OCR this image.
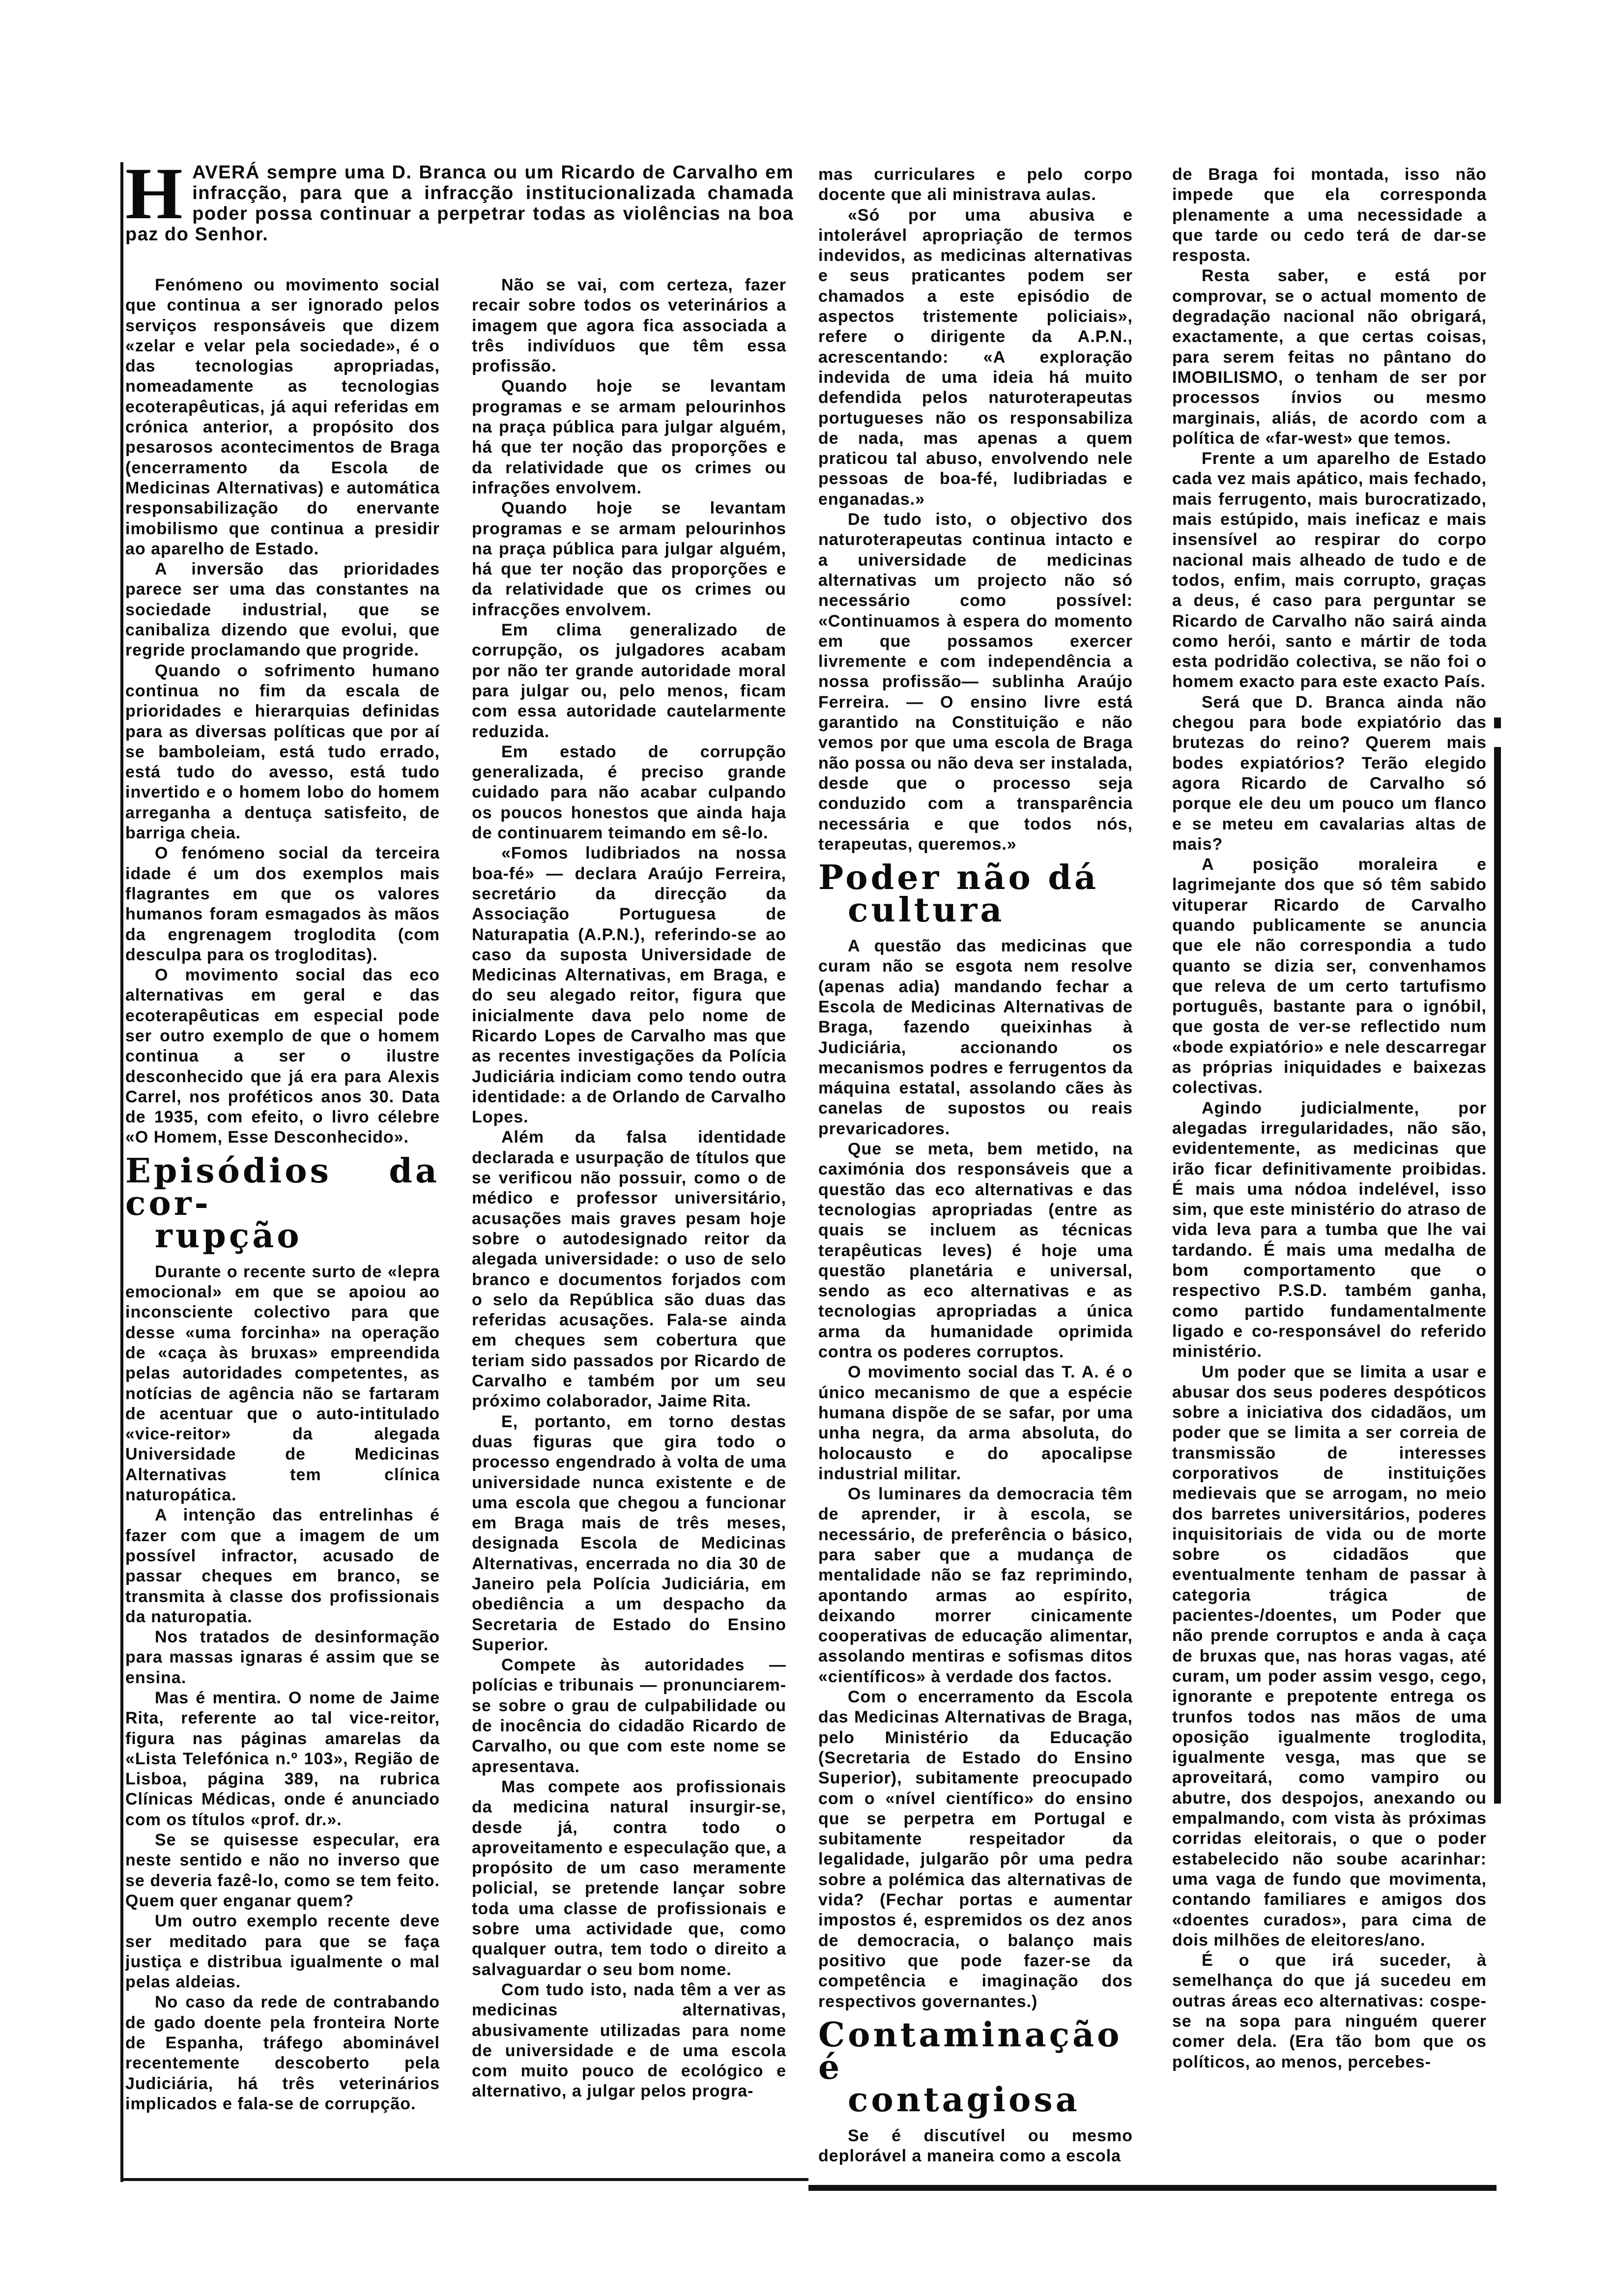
H AVERÁ sempre uma D. Branca ou um Ricardo de Carvalho em infracção, para que a infracção institucionalizada chamada poder possa continuar a perpetrar todas as violências na boa paz do Senhor.

Fenómeno ou movimento social que continua a ser ignorado pelos serviços responsáveis que dizem «zelar e velar pela sociedade», é o das tecnologias apropriadas, nomeadamente as tecnologias ecoterapêuticas, já aqui referidas em crónica anterior, a propósito dos pesarosos acontecimentos de Braga (encerramento da Escola de Medicinas Alternativas) e automática responsabilização do enervante imobilismo que continua a presidir ao aparelho de Estado.

A inversão das prioridades parece ser uma das constantes na sociedade industrial, que se canibaliza dizendo que evolui, que regride proclamando que progride.

Quando o sofrimento humano continua no fim da escala de prioridades e hierarquias definidas para as diversas políticas que por aí se bamboleiam, está tudo errado, está tudo do avesso, está tudo invertido e o homem lobo do homem arreganha a dentuça satisfeito, de barriga cheia.

O fenómeno social da terceira idade é um dos exemplos mais flagrantes em que os valores humanos foram esmagados às mãos da engrenagem troglodita (com desculpa para os trogloditas).

O movimento social das eco alternativas em geral e das ecoterapêuticas em especial pode ser outro exemplo de que o homem continua a ser o ilustre desconhecido que já era para Alexis Carrel, nos proféticos anos 30. Data de 1935, com efeito, o livro célebre «O Homem, Esse Desconhecido».

Episódios da cor-
rupção

Durante o recente surto de «lepra emocional» em que se apoiou ao inconsciente colectivo para que desse «uma forcinha» na operação de «caça às bruxas» empreendida pelas autoridades competentes, as notícias de agência não se fartaram de acentuar que o auto-intitulado «vice-reitor» da alegada Universidade de Medicinas Alternativas tem clínica naturopática.

A intenção das entrelinhas é fazer com que a imagem de um possível infractor, acusado de passar cheques em branco, se transmita à classe dos profissionais da naturopatia.

Nos tratados de desinformação para massas ignaras é assim que se ensina.

Mas é mentira. O nome de Jaime Rita, referente ao tal vice-reitor, figura nas páginas amarelas da «Lista Telefónica n.º 103», Região de Lisboa, página 389, na rubrica Clínicas Médicas, onde é anunciado com os títulos «prof. dr.».

Se se quisesse especular, era neste sentido e não no inverso que se deveria fazê-lo, como se tem feito. Quem quer enganar quem?

Um outro exemplo recente deve ser meditado para que se faça justiça e distribua igualmente o mal pelas aldeias.

No caso da rede de contrabando de gado doente pela fronteira Norte de Espanha, tráfego abominável recentemente descoberto pela Judiciária, há três veterinários implicados e fala-se de corrupção.

Não se vai, com certeza, fazer recair sobre todos os veterinários a imagem que agora fica associada a três indivíduos que têm essa profissão.

Quando hoje se levantam programas e se armam pelourinhos na praça pública para julgar alguém, há que ter noção das proporções e da relatividade que os crimes ou infrações envolvem.

Quando hoje se levantam programas e se armam pelourinhos na praça pública para julgar alguém, há que ter noção das proporções e da relatividade que os crimes ou infracções envolvem.

Em clima generalizado de corrupção, os julgadores acabam por não ter grande autoridade moral para julgar ou, pelo menos, ficam com essa autoridade cautelarmente reduzida.

Em estado de corrupção generalizada, é preciso grande cuidado para não acabar culpando os poucos honestos que ainda haja de continuarem teimando em sê-lo.

«Fomos ludibriados na nossa boa-fé» — declara Araújo Ferreira, secretário da direcção da Associação Portuguesa de Naturapatia (A.P.N.), referindo-se ao caso da suposta Universidade de Medicinas Alternativas, em Braga, e do seu alegado reitor, figura que inicialmente dava pelo nome de Ricardo Lopes de Carvalho mas que as recentes investigações da Polícia Judiciária indiciam como tendo outra identidade: a de Orlando de Carvalho Lopes.

Além da falsa identidade declarada e usurpação de títulos que se verificou não possuir, como o de médico e professor universitário, acusações mais graves pesam hoje sobre o autodesignado reitor da alegada universidade: o uso de selo branco e documentos forjados com o selo da República são duas das referidas acusações. Fala-se ainda em cheques sem cobertura que teriam sido passados por Ricardo de Carvalho e também por um seu próximo colaborador, Jaime Rita.

E, portanto, em torno destas duas figuras que gira todo o processo engendrado à volta de uma universidade nunca existente e de uma escola que chegou a funcionar em Braga mais de três meses, designada Escola de Medicinas Alternativas, encerrada no dia 30 de Janeiro pela Polícia Judiciária, em obediência a um despacho da Secretaria de Estado do Ensino Superior.

Compete às autoridades — polícias e tribunais — pronunciarem-se sobre o grau de culpabilidade ou de inocência do cidadão Ricardo de Carvalho, ou que com este nome se apresentava.

Mas compete aos profissionais da medicina natural insurgir-se, desde já, contra todo o aproveitamento e especulação que, a propósito de um caso meramente policial, se pretende lançar sobre toda uma classe de profissionais e sobre uma actividade que, como qualquer outra, tem todo o direito a salvaguardar o seu bom nome.

Com tudo isto, nada têm a ver as medicinas alternativas, abusivamente utilizadas para nome de universidade e de uma escola com muito pouco de ecológico e alternativo, a julgar pelos progra-

mas curriculares e pelo corpo docente que ali ministrava aulas.

«Só por uma abusiva e intolerável apropriação de termos indevidos, as medicinas alternativas e seus praticantes podem ser chamados a este episódio de aspectos tristemente policiais», refere o dirigente da A.P.N., acrescentando: «A exploração indevida de uma ideia há muito defendida pelos naturoterapeutas portugueses não os responsabiliza de nada, mas apenas a quem praticou tal abuso, envolvendo nele pessoas de boa-fé, ludibriadas e enganadas.»

De tudo isto, o objectivo dos naturoterapeutas continua intacto e a universidade de medicinas alternativas um projecto não só necessário como possível: «Continuamos à espera do momento em que possamos exercer livremente e com independência a nossa profissão— sublinha Araújo Ferreira. — O ensino livre está garantido na Constituição e não vemos por que uma escola de Braga não possa ou não deva ser instalada, desde que o processo seja conduzido com a transparência necessária e que todos nós, terapeutas, queremos.»

Poder não dá
cultura

A questão das medicinas que curam não se esgota nem resolve (apenas adia) mandando fechar a Escola de Medicinas Alternativas de Braga, fazendo queixinhas à Judiciária, accionando os mecanismos podres e ferrugentos da máquina estatal, assolando cães às canelas de supostos ou reais prevaricadores.

Que se meta, bem metido, na caximónia dos responsáveis que a questão das eco alternativas e das tecnologias apropriadas (entre as quais se incluem as técnicas terapêuticas leves) é hoje uma questão planetária e universal, sendo as eco alternativas e as tecnologias apropriadas a única arma da humanidade oprimida contra os poderes corruptos.

O movimento social das T. A. é o único mecanismo de que a espécie humana dispõe de se safar, por uma unha negra, da arma absoluta, do holocausto e do apocalipse industrial militar.

Os luminares da democracia têm de aprender, ir à escola, se necessário, de preferência o básico, para saber que a mudança de mentalidade não se faz reprimindo, apontando armas ao espírito, deixando morrer cinicamente cooperativas de educação alimentar, assolando mentiras e sofismas ditos «científicos» à verdade dos factos.

Com o encerramento da Escola das Medicinas Alternativas de Braga, pelo Ministério da Educação (Secretaria de Estado do Ensino Superior), subitamente preocupado com o «nível científico» do ensino que se perpetra em Portugal e subitamente respeitador da legalidade, julgarão pôr uma pedra sobre a polémica das alternativas de vida? (Fechar portas e aumentar impostos é, espremidos os dez anos de democracia, o balanço mais positivo que pode fazer-se da competência e imaginação dos respectivos governantes.)

Contaminação é
contagiosa

Se é discutível ou mesmo deplorável a maneira como a escola

de Braga foi montada, isso não impede que ela corresponda plenamente a uma necessidade a que tarde ou cedo terá de dar-se resposta.

Resta saber, e está por comprovar, se o actual momento de degradação nacional não obrigará, exactamente, a que certas coisas, para serem feitas no pântano do IMOBILISMO, o tenham de ser por processos ínvios ou mesmo marginais, aliás, de acordo com a política de «far-west» que temos.

Frente a um aparelho de Estado cada vez mais apático, mais fechado, mais ferrugento, mais burocratizado, mais estúpido, mais ineficaz e mais insensível ao respirar do corpo nacional mais alheado de tudo e de todos, enfim, mais corrupto, graças a deus, é caso para perguntar se Ricardo de Carvalho não sairá ainda como herói, santo e mártir de toda esta podridão colectiva, se não foi o homem exacto para este exacto País.

Será que D. Branca ainda não chegou para bode expiatório das brutezas do reino? Querem mais bodes expiatórios? Terão elegido agora Ricardo de Carvalho só porque ele deu um pouco um flanco e se meteu em cavalarias altas de mais?

A posição moraleira e lagrimejante dos que só têm sabido vituperar Ricardo de Carvalho quando publicamente se anuncia que ele não correspondia a tudo quanto se dizia ser, convenhamos que releva de um certo tartufismo português, bastante para o ignóbil, que gosta de ver-se reflectido num «bode expiatório» e nele descarregar as próprias iniquidades e baixezas colectivas.

Agindo judicialmente, por alegadas irregularidades, não são, evidentemente, as medicinas que irão ficar definitivamente proibidas. É mais uma nódoa indelével, isso sim, que este ministério do atraso de vida leva para a tumba que lhe vai tardando. É mais uma medalha de bom comportamento que o respectivo P.S.D. também ganha, como partido fundamentalmente ligado e co-responsável do referido ministério.

Um poder que se limita a usar e abusar dos seus poderes despóticos sobre a iniciativa dos cidadãos, um poder que se limita a ser correia de transmissão de interesses corporativos de instituições medievais que se arrogam, no meio dos barretes universitários, poderes inquisitoriais de vida ou de morte sobre os cidadãos que eventualmente tenham de passar à categoria trágica de pacientes-/doentes, um Poder que não prende corruptos e anda à caça de bruxas que, nas horas vagas, até curam, um poder assim vesgo, cego, ignorante e prepotente entrega os trunfos todos nas mãos de uma oposição igualmente troglodita, igualmente vesga, mas que se aproveitará, como vampiro ou abutre, dos despojos, anexando ou empalmando, com vista às próximas corridas eleitorais, o que o poder estabelecido não soube acarinhar: uma vaga de fundo que movimenta, contando familiares e amigos dos «doentes curados», para cima de dois milhões de eleitores/ano.

É o que irá suceder, à semelhança do que já sucedeu em outras áreas eco alternativas: cospe-se na sopa para ninguém querer comer dela. (Era tão bom que os políticos, ao menos, percebes-
